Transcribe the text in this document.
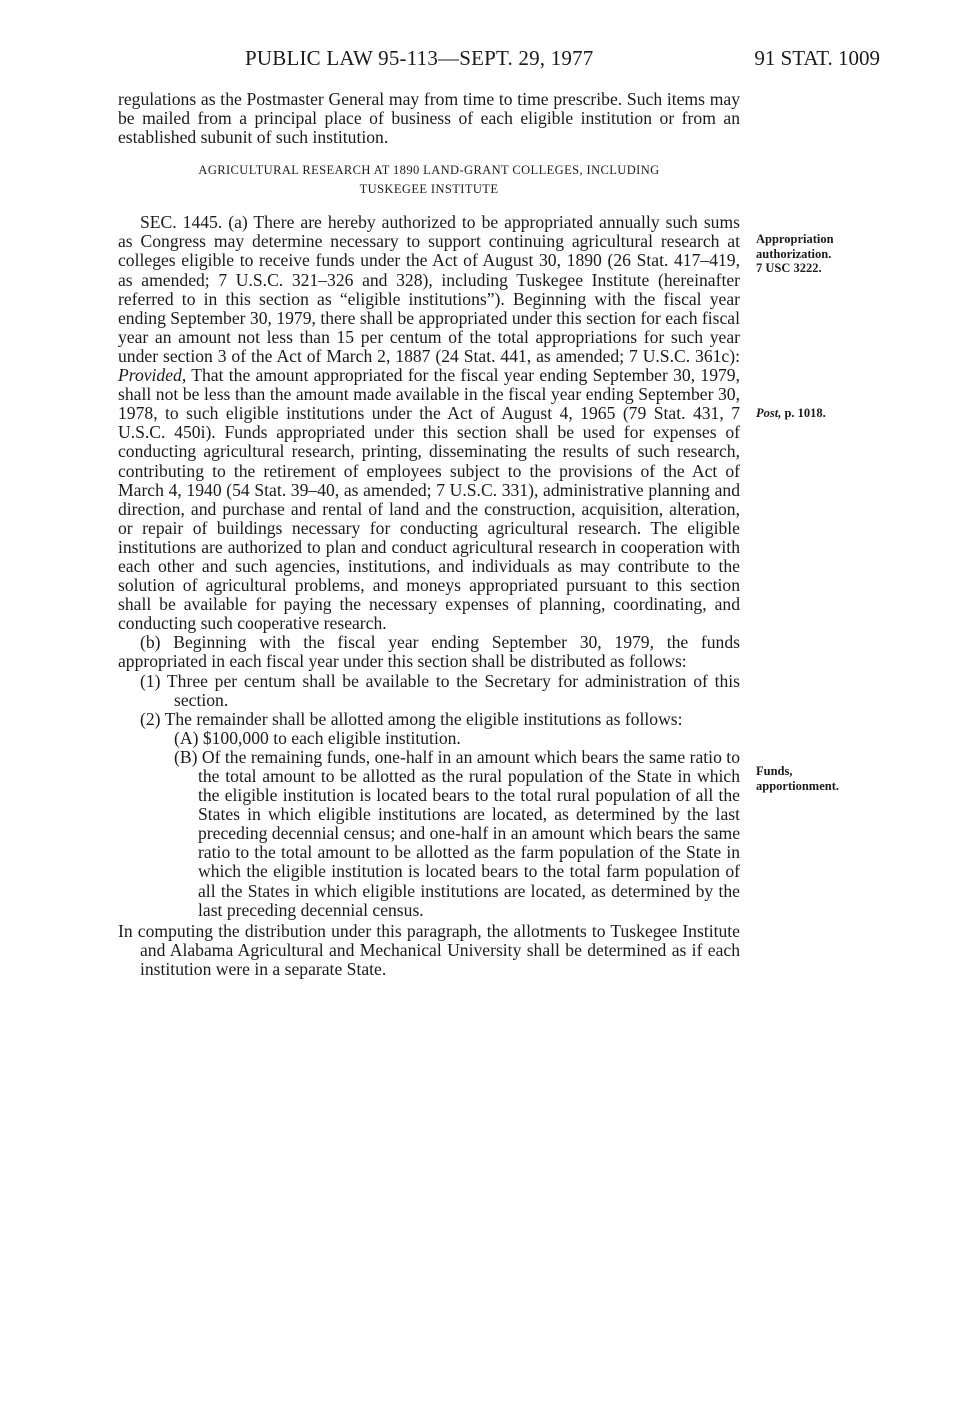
PUBLIC LAW 95-113—SEPT. 29, 1977	91 STAT. 1009

regulations as the Postmaster General may from time to time prescribe. Such items may be mailed from a principal place of business of each eligible institution or from an established subunit of such institution.

AGRICULTURAL RESEARCH AT 1890 LAND-GRANT COLLEGES, INCLUDING
TUSKEGEE INSTITUTE

SEC. 1445. (a) There are hereby authorized to be appropriated annually such sums as Congress may determine necessary to support continuing agricultural research at colleges eligible to receive funds under the Act of August 30, 1890 (26 Stat. 417–419, as amended; 7 U.S.C. 321–326 and 328), including Tuskegee Institute (hereinafter referred to in this section as “eligible institutions”). Beginning with the fiscal year ending September 30, 1979, there shall be appropriated under this section for each fiscal year an amount not less than 15 per centum of the total appropriations for such year under section 3 of the Act of March 2, 1887 (24 Stat. 441, as amended; 7 U.S.C. 361c): Provided, That the amount appropriated for the fiscal year ending September 30, 1979, shall not be less than the amount made available in the fiscal year ending September 30, 1978, to such eligible institutions under the Act of August 4, 1965 (79 Stat. 431, 7 U.S.C. 450i). Funds appropriated under this section shall be used for expenses of conducting agricultural research, printing, disseminating the results of such research, contributing to the retirement of employees subject to the provisions of the Act of March 4, 1940 (54 Stat. 39–40, as amended; 7 U.S.C. 331), administrative planning and direction, and purchase and rental of land and the construction, acquisition, alteration, or repair of buildings necessary for conducting agricultural research. The eligible institutions are authorized to plan and conduct agricultural research in cooperation with each other and such agencies, institutions, and individuals as may contribute to the solution of agricultural problems, and moneys appropriated pursuant to this section shall be available for paying the necessary expenses of planning, coordinating, and conducting such cooperative research.

(b) Beginning with the fiscal year ending September 30, 1979, the funds appropriated in each fiscal year under this section shall be distributed as follows:

(1) Three per centum shall be available to the Secretary for administration of this section.

(2) The remainder shall be allotted among the eligible institutions as follows:

(A) $100,000 to each eligible institution.

(B) Of the remaining funds, one-half in an amount which bears the same ratio to the total amount to be allotted as the rural population of the State in which the eligible institution is located bears to the total rural population of all the States in which eligible institutions are located, as determined by the last preceding decennial census; and one-half in an amount which bears the same ratio to the total amount to be allotted as the farm population of the State in which the eligible institution is located bears to the total farm population of all the States in which eligible institutions are located, as determined by the last preceding decennial census.

In computing the distribution under this paragraph, the allotments to Tuskegee Institute and Alabama Agricultural and Mechanical University shall be determined as if each institution were in a separate State.

Appropriation
authorization.
7 USC 3222.
Post, p. 1018.
Funds,
apportionment.
